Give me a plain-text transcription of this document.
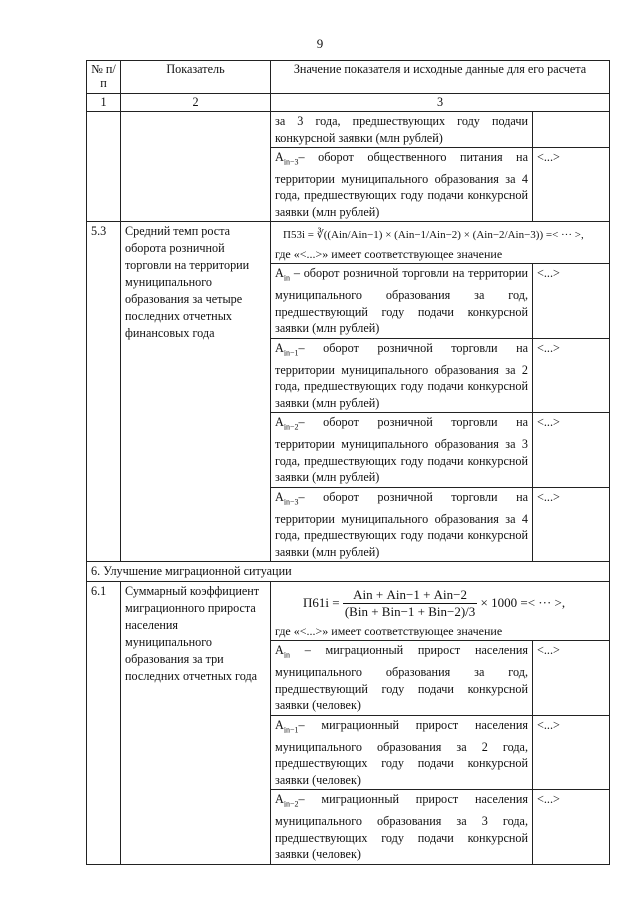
9
№ п/п	Показатель	Значение показателя и исходные данные для его расчета	
1	2	3	
		за 3 года, предшествующих году подачи конкурсной заявки (млн рублей)	
		$А_{in-3}-$ оборот общественного питания на территории муниципального образования за 4 года, предшествующих году подачи конкурсной заявки (млн рублей)	<...>
5.3	Средний темп роста оборота розничной торговли на территории муниципального образования за четыре последних отчетных финансовых года	П53i = ∛((Аin/Аin−1) × (Аin−1/Аin−2) × (Аin−2/Аin−3)) =< ··· >,
где «<...>» имеет соответствующее значение	

		$А_{in}$ – оборот розничной торговли на территории муниципального образования за год, предшествующий году подачи конкурсной заявки (млн рублей)	<...>
		$А_{in-1}-$ оборот розничной торговли на территории муниципального образования за 2 года, предшествующих году подачи конкурсной заявки (млн рублей)	<...>
		$А_{in-2}-$ оборот розничной торговли на территории муниципального образования за 3 года, предшествующих году подачи конкурсной заявки (млн рублей)	<...>
		$А_{in-3}-$ оборот розничной торговли на территории муниципального образования за 4 года, предшествующих году подачи конкурсной заявки (млн рублей)	<...>
6. Улучшение миграционной ситуации			
6.1	Суммарный коэффициент миграционного прироста населения муниципального образования за три последних отчетных года	$П61i = \frac{\text{Аin + Аin−1 + Аin−2}}{\text{(Вin + Вin−1 + Вin−2)/3}} \times 1000$ =< ··· >,
где «<...>» имеет соответствующее значение	

		$А_{in}$ – миграционный прирост населения муниципального образования за год, предшествующий году подачи конкурсной заявки (человек)	<...>
		$А_{in-1}-$ миграционный прирост населения муниципального образования за 2 года, предшествующих году подачи конкурсной заявки (человек)	<...>
		$А_{in-2}-$ миграционный прирост населения муниципального образования за 3 года, предшествующих году подачи конкурсной заявки (человек)	<...>
